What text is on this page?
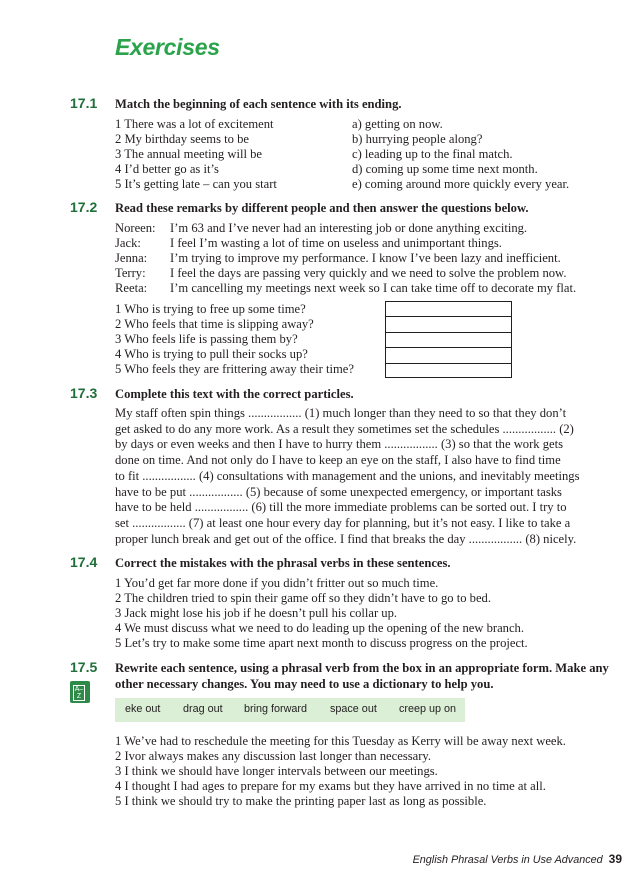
Exercises
17.1 Match the beginning of each sentence with its ending.
1 There was a lot of excitement
2 My birthday seems to be
3 The annual meeting will be
4 I’d better go as it’s
5 It’s getting late – can you start
a) getting on now.
b) hurrying people along?
c) leading up to the final match.
d) coming up some time next month.
e) coming around more quickly every year.
17.2 Read these remarks by different people and then answer the questions below.
Noreen: I’m 63 and I’ve never had an interesting job or done anything exciting.
Jack: I feel I’m wasting a lot of time on useless and unimportant things.
Jenna: I’m trying to improve my performance. I know I’ve been lazy and inefficient.
Terry: I feel the days are passing very quickly and we need to solve the problem now.
Reeta: I’m cancelling my meetings next week so I can take time off to decorate my flat.
1 Who is trying to free up some time?
2 Who feels that time is slipping away?
3 Who feels life is passing them by?
4 Who is trying to pull their socks up?
5 Who feels they are frittering away their time?
17.3 Complete this text with the correct particles.
My staff often spin things ................. (1) much longer than they need to so that they don’t
get asked to do any more work. As a result they sometimes set the schedules ................. (2)
by days or even weeks and then I have to hurry them ................. (3) so that the work gets
done on time. And not only do I have to keep an eye on the staff, I also have to find time
to fit ................. (4) consultations with management and the unions, and inevitably meetings
have to be put ................. (5) because of some unexpected emergency, or important tasks
have to be held ................. (6) till the more immediate problems can be sorted out. I try to
set ................. (7) at least one hour every day for planning, but it’s not easy. I like to take a
proper lunch break and get out of the office. I find that breaks the day ................. (8) nicely.
17.4 Correct the mistakes with the phrasal verbs in these sentences.
1 You’d get far more done if you didn’t fritter out so much time.
2 The children tried to spin their game off so they didn’t have to go to bed.
3 Jack might lose his job if he doesn’t pull his collar up.
4 We must discuss what we need to do leading up the opening of the new branch.
5 Let’s try to make some time apart next month to discuss progress on the project.
17.5
A–Z
Rewrite each sentence, using a phrasal verb from the box in an appropriate form. Make any other necessary changes. You may need to use a dictionary to help you.
eke out drag out bring forward space out creep up on
1 We’ve had to reschedule the meeting for this Tuesday as Kerry will be away next week.
2 Ivor always makes any discussion last longer than necessary.
3 I think we should have longer intervals between our meetings.
4 I thought I had ages to prepare for my exams but they have arrived in no time at all.
5 I think we should try to make the printing paper last as long as possible.
English Phrasal Verbs in Use Advanced 39
